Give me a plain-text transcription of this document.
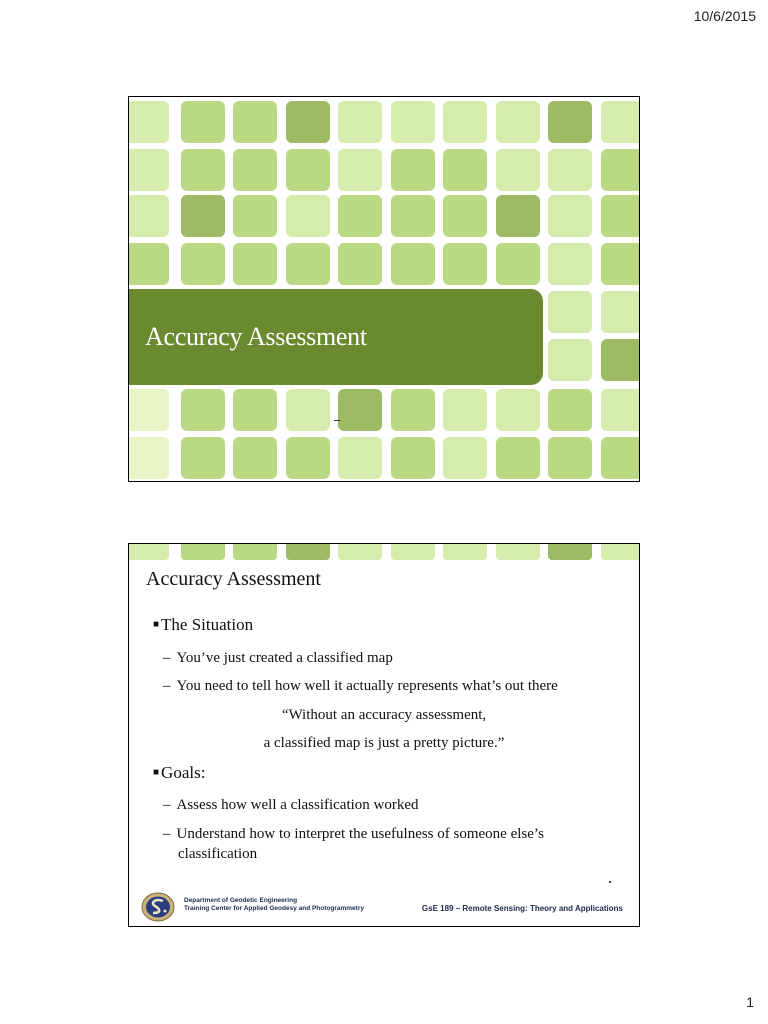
10/6/2015
Accuracy Assessment
Accuracy Assessment
■ The Situation
– You’ve just created a classified map
– You need to tell how well it actually represents what’s out there
“Without an accuracy assessment,
a classified map is just a pretty picture.”
■ Goals:
– Assess how well a classification worked
– Understand how to interpret the usefulness of someone else’s
classification
Department of Geodetic Engineering
Training Center for Applied Geodesy and Photogrammetry	GsE 189 – Remote Sensing: Theory and Applications
1
